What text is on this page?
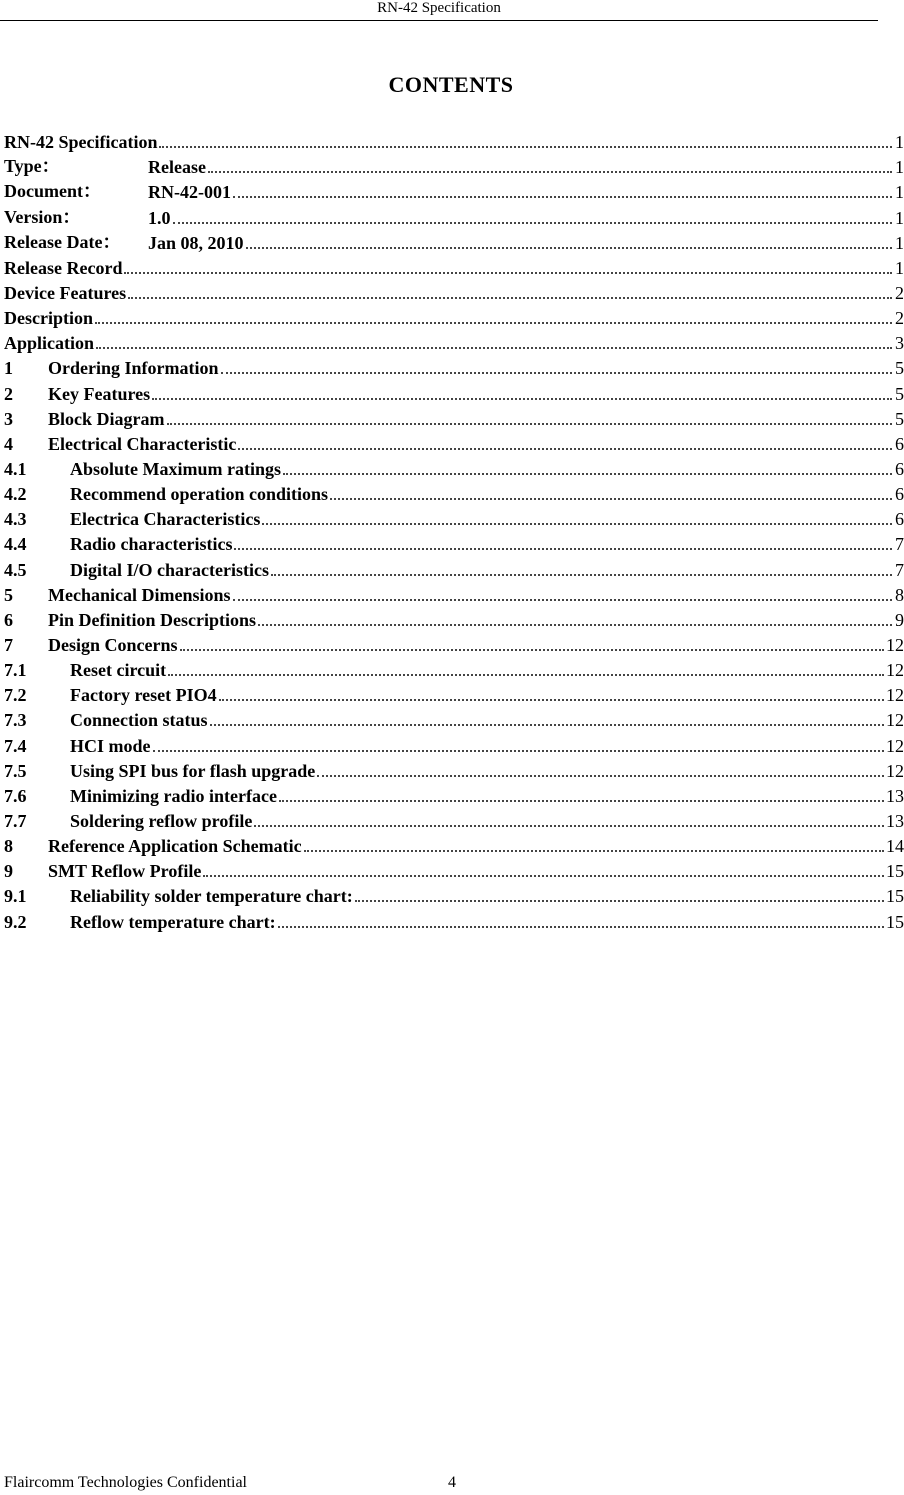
RN-42 Specification
CONTENTS
RN-42 Specification	1
Type：	Release	1
Document：	RN-42-001	1
Version：	1.0	1
Release Date：	Jan 08, 2010	1
Release Record	1
Device Features	2
Description	2
Application	3
1	Ordering Information	5
2	Key Features	5
3	Block Diagram	5
4	Electrical Characteristic	6
4.1	Absolute Maximum ratings	6
4.2	Recommend operation conditions	6
4.3	Electrica Characteristics	6
4.4	Radio characteristics	7
4.5	Digital I/O characteristics	7
5	Mechanical Dimensions	8
6	Pin Definition Descriptions	9
7	Design Concerns	12
7.1	Reset circuit	12
7.2	Factory reset PIO4	12
7.3	Connection status	12
7.4	HCI mode	12
7.5	Using SPI bus for flash upgrade	12
7.6	Minimizing radio interface	13
7.7	Soldering reflow profile	13
8	Reference Application Schematic	14
9	SMT Reflow Profile	15
9.1	Reliability solder temperature chart:	15
9.2	Reflow temperature chart:	15
Flaircomm Technologies Confidential	4
